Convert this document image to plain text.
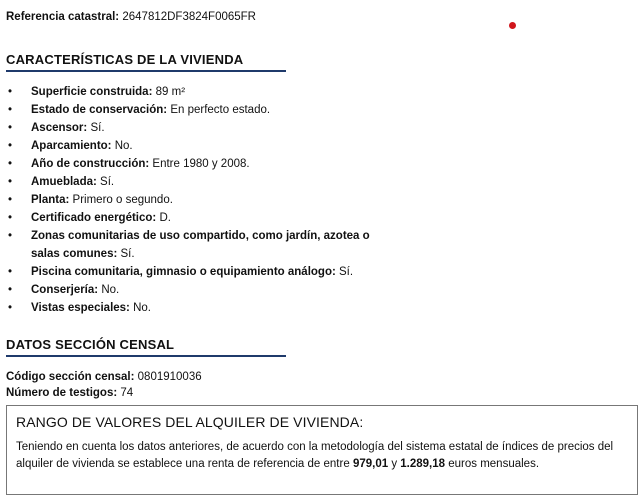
Referencia catastral: 2647812DF3824F0065FR
CARACTERÍSTICAS DE LA VIVIENDA
• Superficie construida: 89 m²
• Estado de conservación: En perfecto estado.
• Ascensor: Sí.
• Aparcamiento: No.
• Año de construcción: Entre 1980 y 2008.
• Amueblada: Sí.
• Planta: Primero o segundo.
• Certificado energético: D.
• Zonas comunitarias de uso compartido, como jardín, azotea o salas comunes: Sí.
• Piscina comunitaria, gimnasio o equipamiento análogo: Sí.
• Conserjería: No.
• Vistas especiales: No.
DATOS SECCIÓN CENSAL
Código sección censal: 0801910036
Número de testigos: 74
RANGO DE VALORES DEL ALQUILER DE VIVIENDA:
Teniendo en cuenta los datos anteriores, de acuerdo con la metodología del sistema estatal de índices de precios del alquiler de vivienda se establece una renta de referencia de entre 979,01 y 1.289,18 euros mensuales.
